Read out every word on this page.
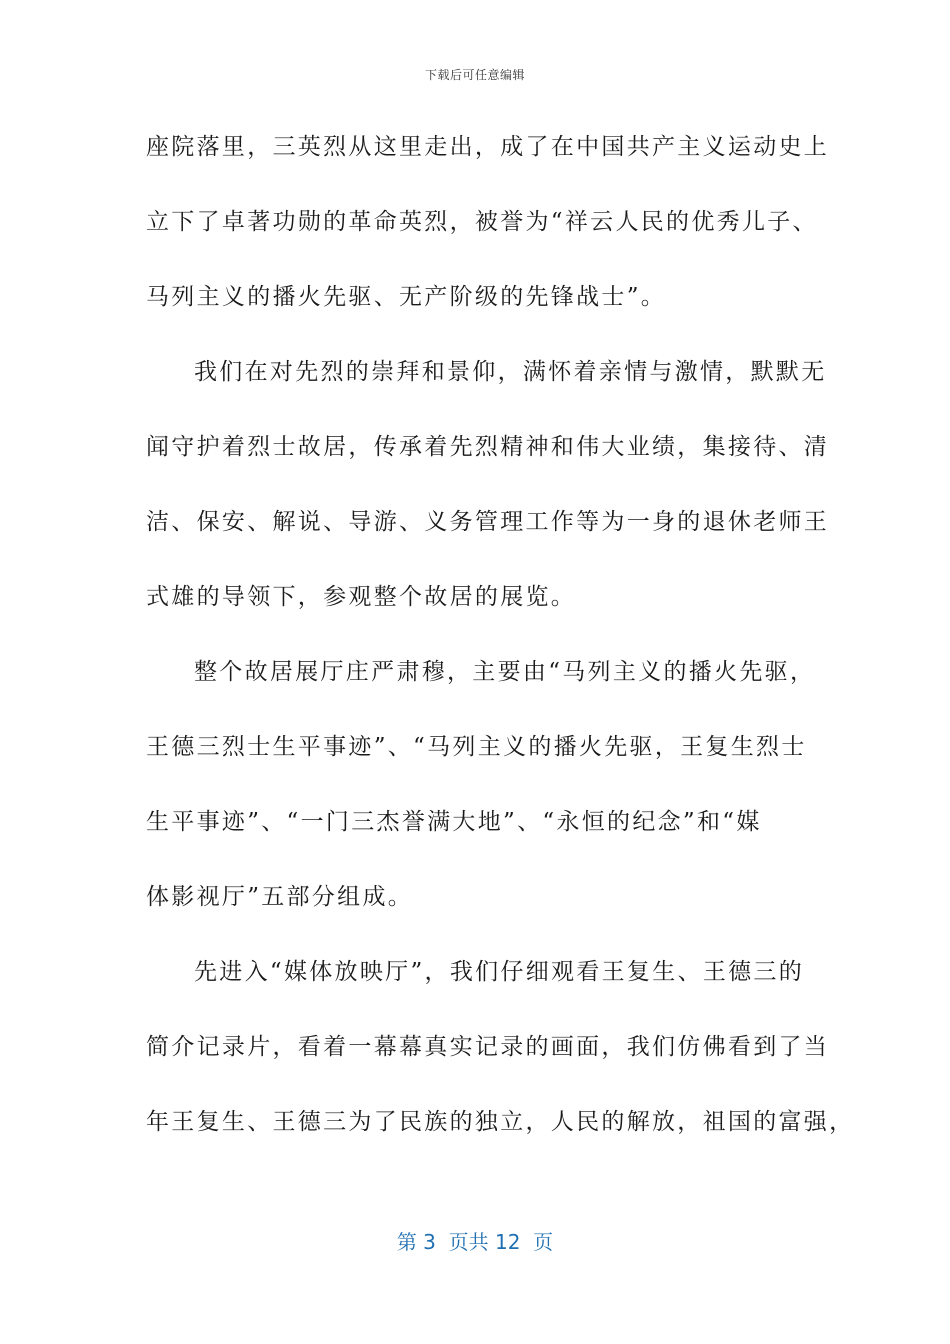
下载后可任意编辑
座院落里，三英烈从这里走出，成了在中国共产主义运动史上
立下了卓著功勋的革命英烈，被誉为“祥云人民的优秀儿子、
马列主义的播火先驱、无产阶级的先锋战士”。
我们在对先烈的崇拜和景仰，满怀着亲情与激情，默默无
闻守护着烈士故居，传承着先烈精神和伟大业绩，集接待、清
洁、保安、解说、导游、义务管理工作等为一身的退休老师王
式雄的导领下，参观整个故居的展览。
整个故居展厅庄严肃穆，主要由“马列主义的播火先驱，
王德三烈士生平事迹”、“马列主义的播火先驱，王复生烈士
生平事迹”、“一门三杰誉满大地”、“永恒的纪念”和“媒
体影视厅”五部分组成。
先进入“媒体放映厅”，我们仔细观看王复生、王德三的
简介记录片，看着一幕幕真实记录的画面，我们仿佛看到了当
年王复生、王德三为了民族的独立，人民的解放，祖国的富强，
第 3  页共 12  页
